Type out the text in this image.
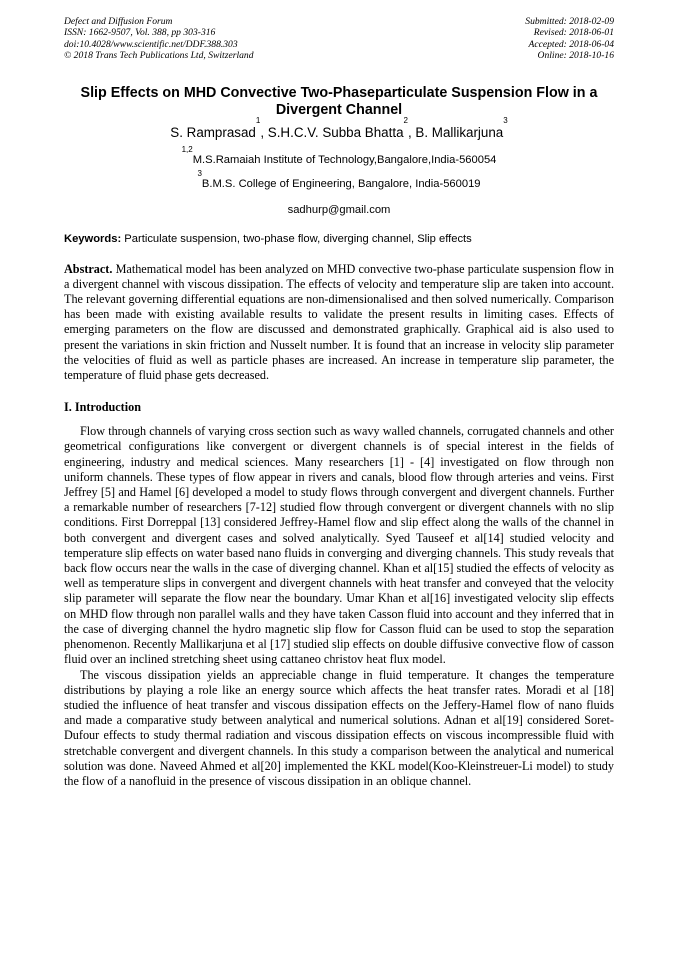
Defect and Diffusion Forum
ISSN: 1662-9507, Vol. 388, pp 303-316
doi:10.4028/www.scientific.net/DDF.388.303
© 2018 Trans Tech Publications Ltd, Switzerland
Submitted: 2018-02-09
Revised: 2018-06-01
Accepted: 2018-06-04
Online: 2018-10-16
Slip Effects on MHD Convective Two-Phaseparticulate Suspension Flow in a Divergent Channel
S. Ramprasad$^1$, S.H.C.V. Subba Bhatta$^2$, B. Mallikarjuna$^3$
$^{1,2}$M.S.Ramaiah Institute of Technology,Bangalore,India-560054
$^3$B.M.S. College of Engineering, Bangalore, India-560019
sadhurp@gmail.com
Keywords: Particulate suspension, two-phase flow, diverging channel, Slip effects
Abstract. Mathematical model has been analyzed on MHD convective two-phase particulate suspension flow in a divergent channel with viscous dissipation. The effects of velocity and temperature slip are taken into account. The relevant governing differential equations are non-dimensionalised and then solved numerically. Comparison has been made with existing available results to validate the present results in limiting cases. Effects of emerging parameters on the flow are discussed and demonstrated graphically. Graphical aid is also used to present the variations in skin friction and Nusselt number. It is found that an increase in velocity slip parameter the velocities of fluid as well as particle phases are increased. An increase in temperature slip parameter, the temperature of fluid phase gets decreased.
I. Introduction

Flow through channels of varying cross section such as wavy walled channels, corrugated channels and other geometrical configurations like convergent or divergent channels is of special interest in the fields of engineering, industry and medical sciences. Many researchers [1] - [4] investigated on flow through non uniform channels. These types of flow appear in rivers and canals, blood flow through arteries and veins. First Jeffrey [5] and Hamel [6] developed a model to study flows through convergent and divergent channels. Further a remarkable number of researchers [7-12] studied flow through convergent or divergent channels with no slip conditions. First Dorreppal [13] considered Jeffrey-Hamel flow and slip effect along the walls of the channel in both convergent and divergent cases and solved analytically. Syed Tauseef et al[14] studied velocity and temperature slip effects on water based nano fluids in converging and diverging channels. This study reveals that back flow occurs near the walls in the case of diverging channel. Khan et al[15] studied the effects of velocity as well as temperature slips in convergent and divergent channels with heat transfer and conveyed that the velocity slip parameter will separate the flow near the boundary. Umar Khan et al[16] investigated velocity slip effects on MHD flow through non parallel walls and they have taken Casson fluid into account and they inferred that in the case of diverging channel the hydro magnetic slip flow for Casson fluid can be used to stop the separation phenomenon. Recently Mallikarjuna et al [17] studied slip effects on double diffusive convective flow of casson fluid over an inclined stretching sheet using cattaneo christov heat flux model.

The viscous dissipation yields an appreciable change in fluid temperature. It changes the temperature distributions by playing a role like an energy source which affects the heat transfer rates. Moradi et al [18] studied the influence of heat transfer and viscous dissipation effects on the Jeffery-Hamel flow of nano fluids and made a comparative study between analytical and numerical solutions. Adnan et al[19] considered Soret-Dufour effects to study thermal radiation and viscous dissipation effects on viscous incompressible fluid with stretchable convergent and divergent channels. In this study a comparison between the analytical and numerical solution was done. Naveed Ahmed et al[20] implemented the KKL model(Koo-Kleinstreuer-Li model) to study the flow of a nanofluid in the presence of viscous dissipation in an oblique channel.
